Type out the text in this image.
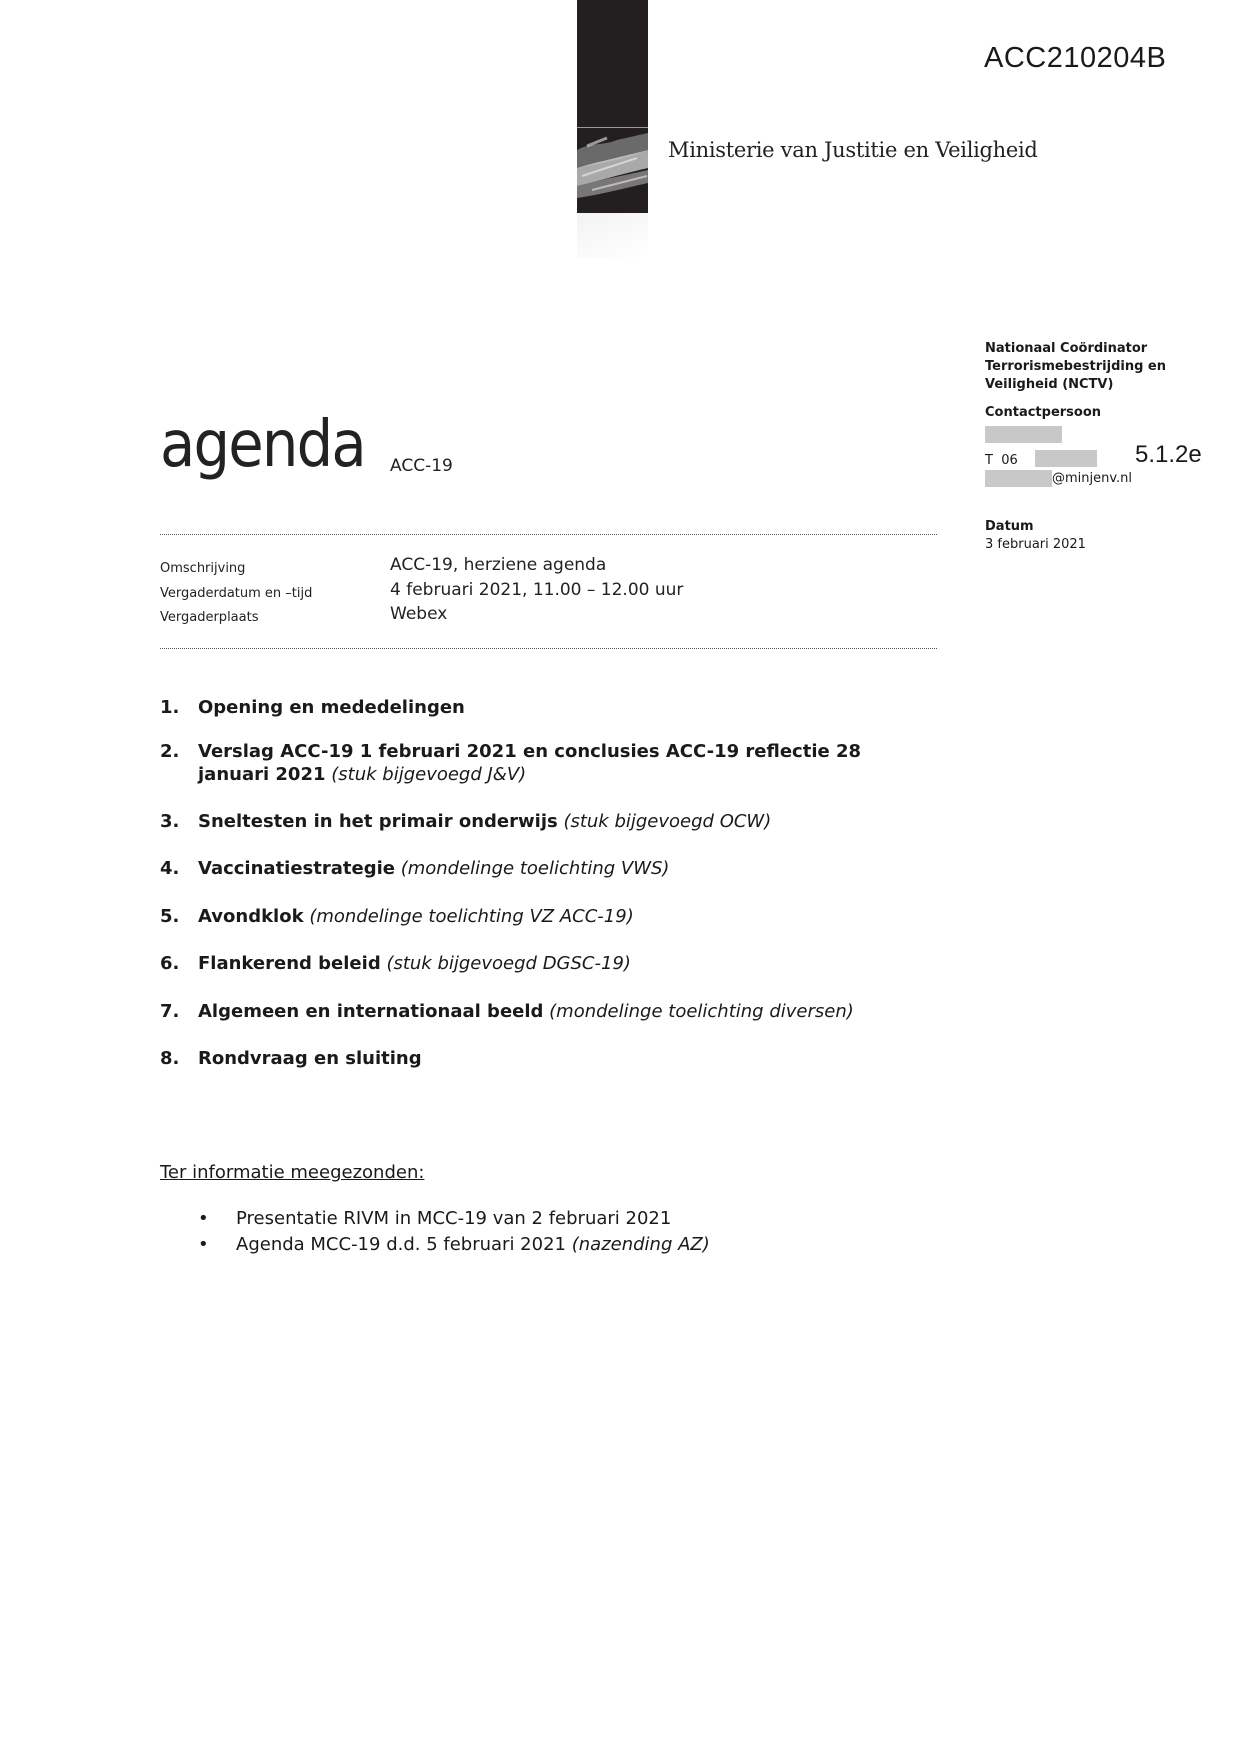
Ministerie van Justitie en Veiligheid
ACC210204B
Nationaal Coördinator
Terrorismebestrijding en
Veiligheid (NCTV)
Contactpersoon
T  06
@minjenv.nl
5.1.2e
Datum
3 februari 2021
agenda ACC-19
Omschrijving	ACC-19, herziene agenda
Vergaderdatum en –tijd	4 februari 2021, 11.00 – 12.00 uur
Vergaderplaats	Webex
1. Opening en mededelingen
2. Verslag ACC-19 1 februari 2021 en conclusies ACC-19 reflectie 28 januari 2021 (stuk bijgevoegd J&V)
3. Sneltesten in het primair onderwijs (stuk bijgevoegd OCW)
4. Vaccinatiestrategie (mondelinge toelichting VWS)
5. Avondklok (mondelinge toelichting VZ ACC-19)
6. Flankerend beleid (stuk bijgevoegd DGSC-19)
7. Algemeen en internationaal beeld (mondelinge toelichting diversen)
8. Rondvraag en sluiting
Ter informatie meegezonden:
• Presentatie RIVM in MCC-19 van 2 februari 2021
• Agenda MCC-19 d.d. 5 februari 2021 (nazending AZ)
